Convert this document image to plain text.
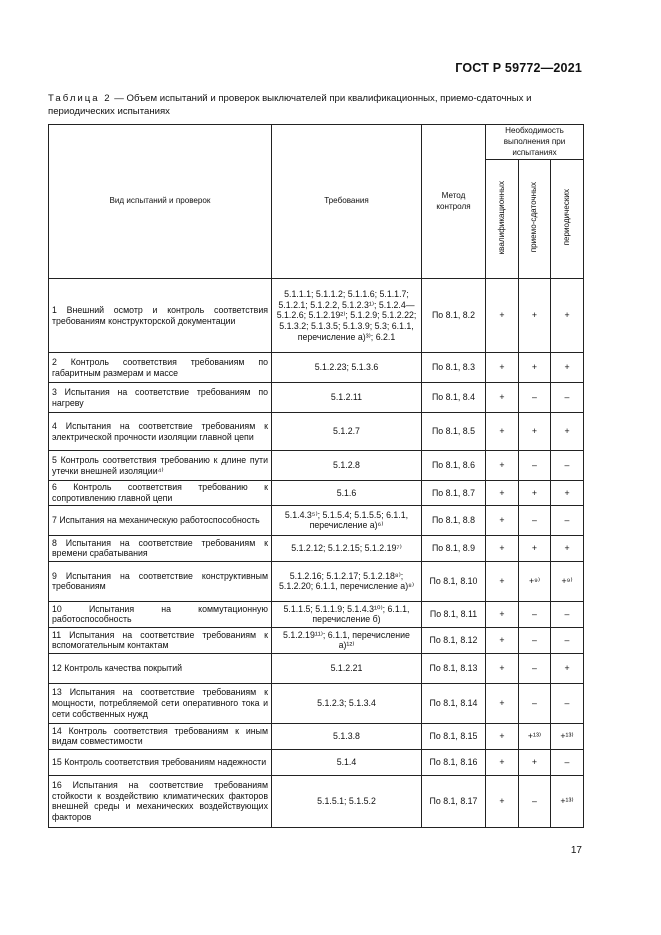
ГОСТ Р 59772—2021
Таблица 2 — Объем испытаний и проверок выключателей при квалификационных, приемо-сдаточных и периодических испытаниях
Вид испытаний и проверок	Требования	Метод контроля	Необходимость выполнения при испытаниях		
			квалификационных	приемо-сдаточных	периодических
1 Внешний осмотр и контроль соответствия требованиям конструкторской документации	5.1.1.1; 5.1.1.2; 5.1.1.6; 5.1.1.7; 5.1.2.1; 5.1.2.2, 5.1.2.3¹⁾; 5.1.2.4—5.1.2.6; 5.1.2.19²⁾; 5.1.2.9; 5.1.2.22; 5.1.3.2; 5.1.3.5; 5.1.3.9; 5.3; 6.1.1, перечисление а)³⁾; 6.2.1	По 8.1, 8.2	+	+	+
2 Контроль соответствия требованиям по габаритным размерам и массе	5.1.2.23; 5.1.3.6	По 8.1, 8.3	+	+	+
3 Испытания на соответствие требованиям по нагреву	5.1.2.11	По 8.1, 8.4	+	–	–
4 Испытания на соответствие требованиям к электрической прочности изоляции главной цепи	5.1.2.7	По 8.1, 8.5	+	+	+
5 Контроль соответствия требованию к длине пути утечки внешней изоляции⁴⁾	5.1.2.8	По 8.1, 8.6	+	–	–
6 Контроль соответствия требованию к сопротивлению главной цепи	5.1.6	По 8.1, 8.7	+	+	+
7 Испытания на механическую работоспособность	5.1.4.3⁵⁾; 5.1.5.4; 5.1.5.5; 6.1.1, перечисление а)⁶⁾	По 8.1, 8.8	+	–	–
8 Испытания на соответствие требованиям к времени срабатывания	5.1.2.12; 5.1.2.15; 5.1.2.19⁷⁾	По 8.1, 8.9	+	+	+
9 Испытания на соответствие конструктивным требованиям	5.1.2.16; 5.1.2.17; 5.1.2.18⁸⁾; 5.1.2.20; 6.1.1, перечисление а)⁸⁾	По 8.1, 8.10	+	+⁹⁾	+⁹⁾
10 Испытания на коммутационную работоспособность	5.1.1.5; 5.1.1.9; 5.1.4.3¹⁰⁾; 6.1.1, перечисление б)	По 8.1, 8.11	+	–	–
11 Испытания на соответствие требованиям к вспомогательным контактам	5.1.2.19¹¹⁾; 6.1.1, перечисление а)¹²⁾	По 8.1, 8.12	+	–	–
12 Контроль качества покрытий	5.1.2.21	По 8.1, 8.13	+	–	+
13 Испытания на соответствие требованиям к мощности, потребляемой сети оперативного тока и сети собственных нужд	5.1.2.3; 5.1.3.4	По 8.1, 8.14	+	–	–
14 Контроль соответствия требованиям к иным видам совместимости	5.1.3.8	По 8.1, 8.15	+	+¹³⁾	+¹³⁾
15 Контроль соответствия требованиям надежности	5.1.4	По 8.1, 8.16	+	+	–
16 Испытания на соответствие требованиям стойкости к воздействию климатических факторов внешней среды и механических воздействующих факторов	5.1.5.1; 5.1.5.2	По 8.1, 8.17	+	–	+¹³⁾
17
